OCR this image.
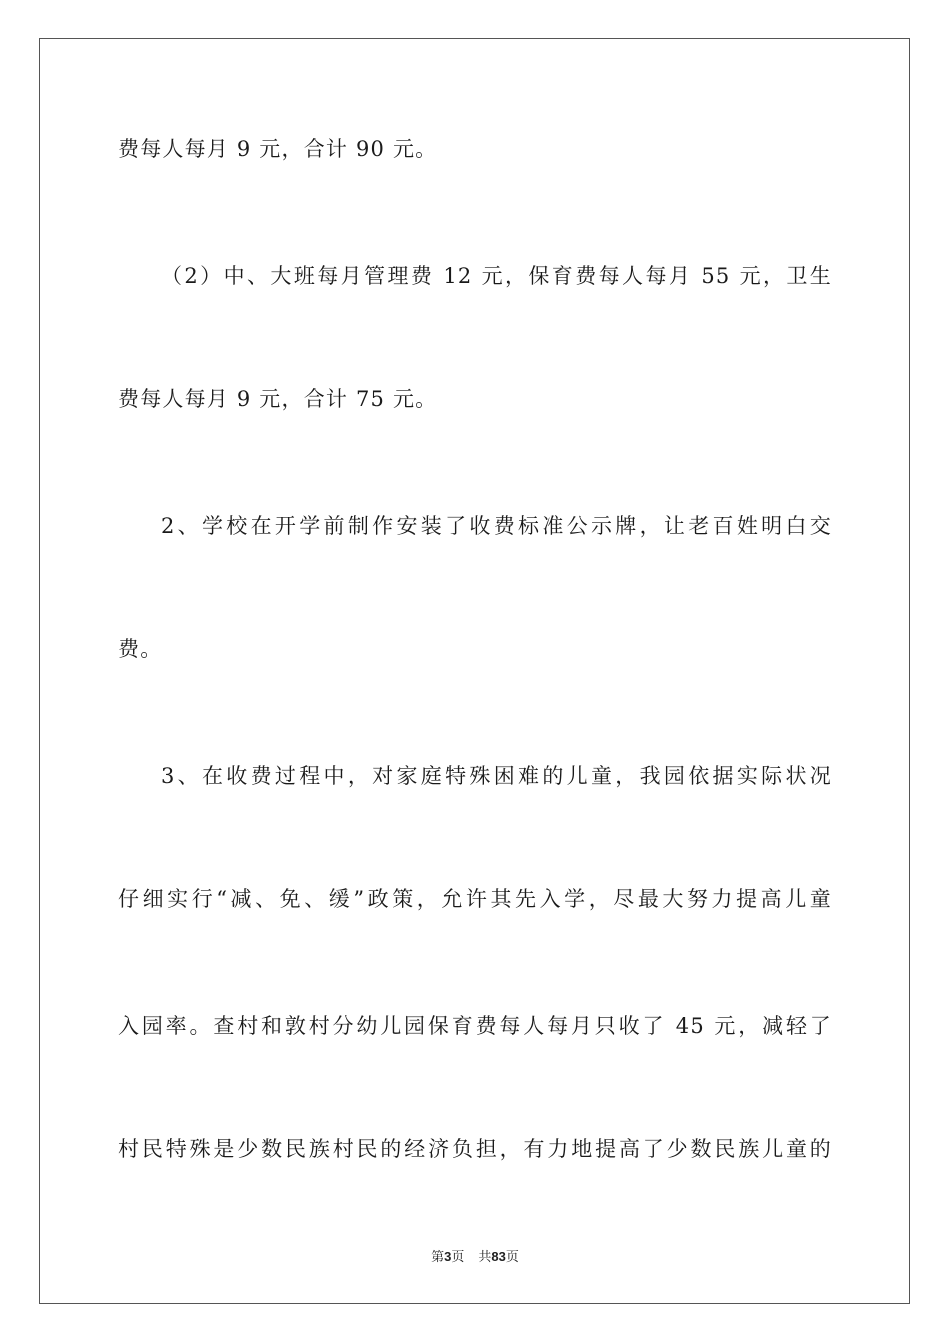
费每人每月 9 元，合计 90 元。
（2）中、大班每月管理费 12 元，保育费每人每月 55 元，卫生
费每人每月 9 元，合计 75 元。
2、学校在开学前制作安装了收费标准公示牌，让老百姓明白交
费。
3、在收费过程中，对家庭特殊困难的儿童，我园依据实际状况
仔细实行“减、免、缓”政策，允许其先入学，尽最大努力提高儿童
入园率。查村和敦村分幼儿园保育费每人每月只收了 45 元，减轻了
村民特殊是少数民族村民的经济负担，有力地提高了少数民族儿童的
第3页 共83页
